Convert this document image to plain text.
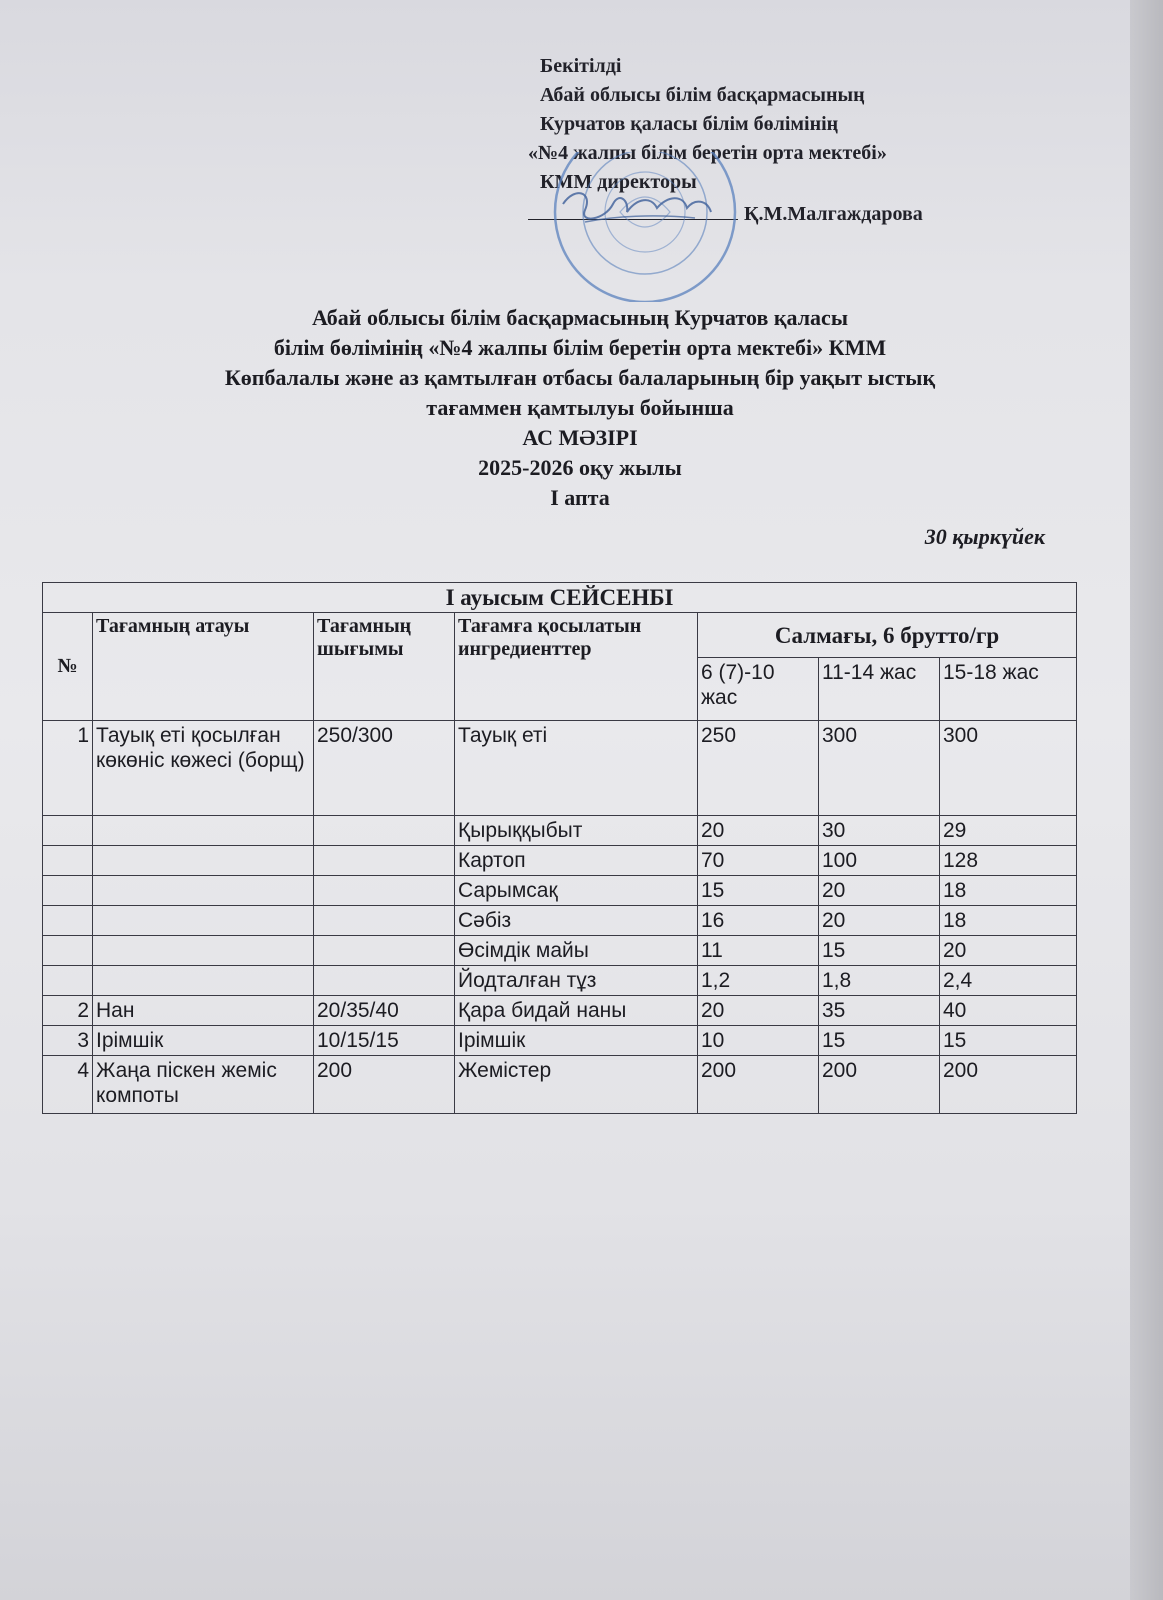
Бекітілді
Абай облысы білім басқармасының
Курчатов қаласы білім бөлімінің
«№4 жалпы білім беретін орта мектебі»
КММ директоры
Қ.М.Малгаждарова
Абай облысы білім басқармасының Курчатов қаласы
білім бөлімінің «№4 жалпы білім беретін орта мектебі» КММ
Көпбалалы және аз қамтылған отбасы балаларының бір уақыт ыстық
тағаммен қамтылуы бойынша
АС МӘЗІРІ
2025-2026 оқу жылы
І апта
30 қыркүйек
І ауысым СЕЙСЕНБІ						
№	Тағамның атауы	Тағамның шығымы	Тағамға қосылатын ингредиенттер	Салмағы, 6 брутто/гр		
				6 (7)-10 жас	11-14 жас	15-18 жас
1	Тауық еті қосылған көкөніс көжесі (борщ)	250/300	Тауық еті	250	300	300
			Қырыққыбыт	20	30	29
			Картоп	70	100	128
			Сарымсақ	15	20	18
			Сәбіз	16	20	18
			Өсімдік майы	11	15	20
			Йодталған тұз	1,2	1,8	2,4
2	Нан	20/35/40	Қара бидай наны	20	35	40
3	Ірімшік	10/15/15	Ірімшік	10	15	15
4	Жаңа піскен жеміс компоты	200	Жемістер	200	200	200
